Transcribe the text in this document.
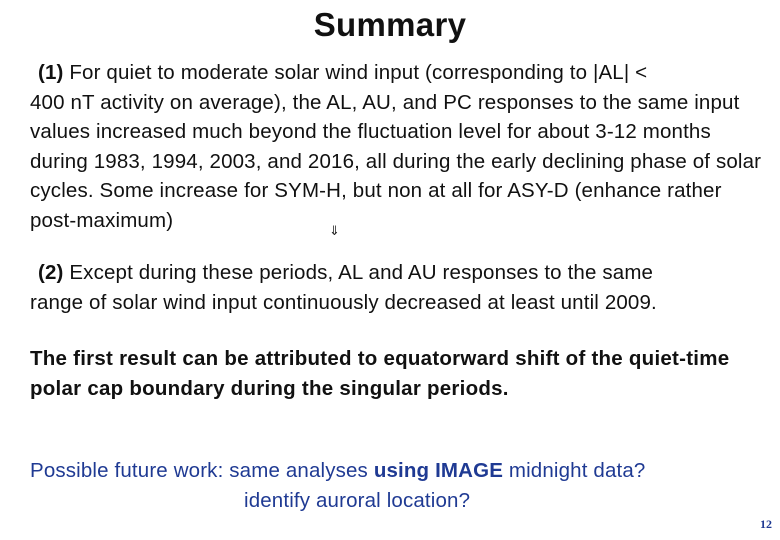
Summary
(1) For quiet to moderate solar wind input (corresponding to |AL| <
400 nT activity on average), the AL, AU, and PC responses to the same input values increased much beyond the fluctuation level for about 3-12 months during 1983, 1994, 2003, and 2016, all during the early declining phase of solar cycles. Some increase for SYM-H, but non at all for ASY-D (enhance rather post-maximum)	⇓
(2) Except during these periods, AL and AU responses to the same
range of solar wind input continuously decreased at least until 2009.
The first result can be attributed to equatorward shift of the quiet-time polar cap boundary during the singular periods.
Possible future work: same analyses using IMAGE midnight data?
identify auroral location?
12
